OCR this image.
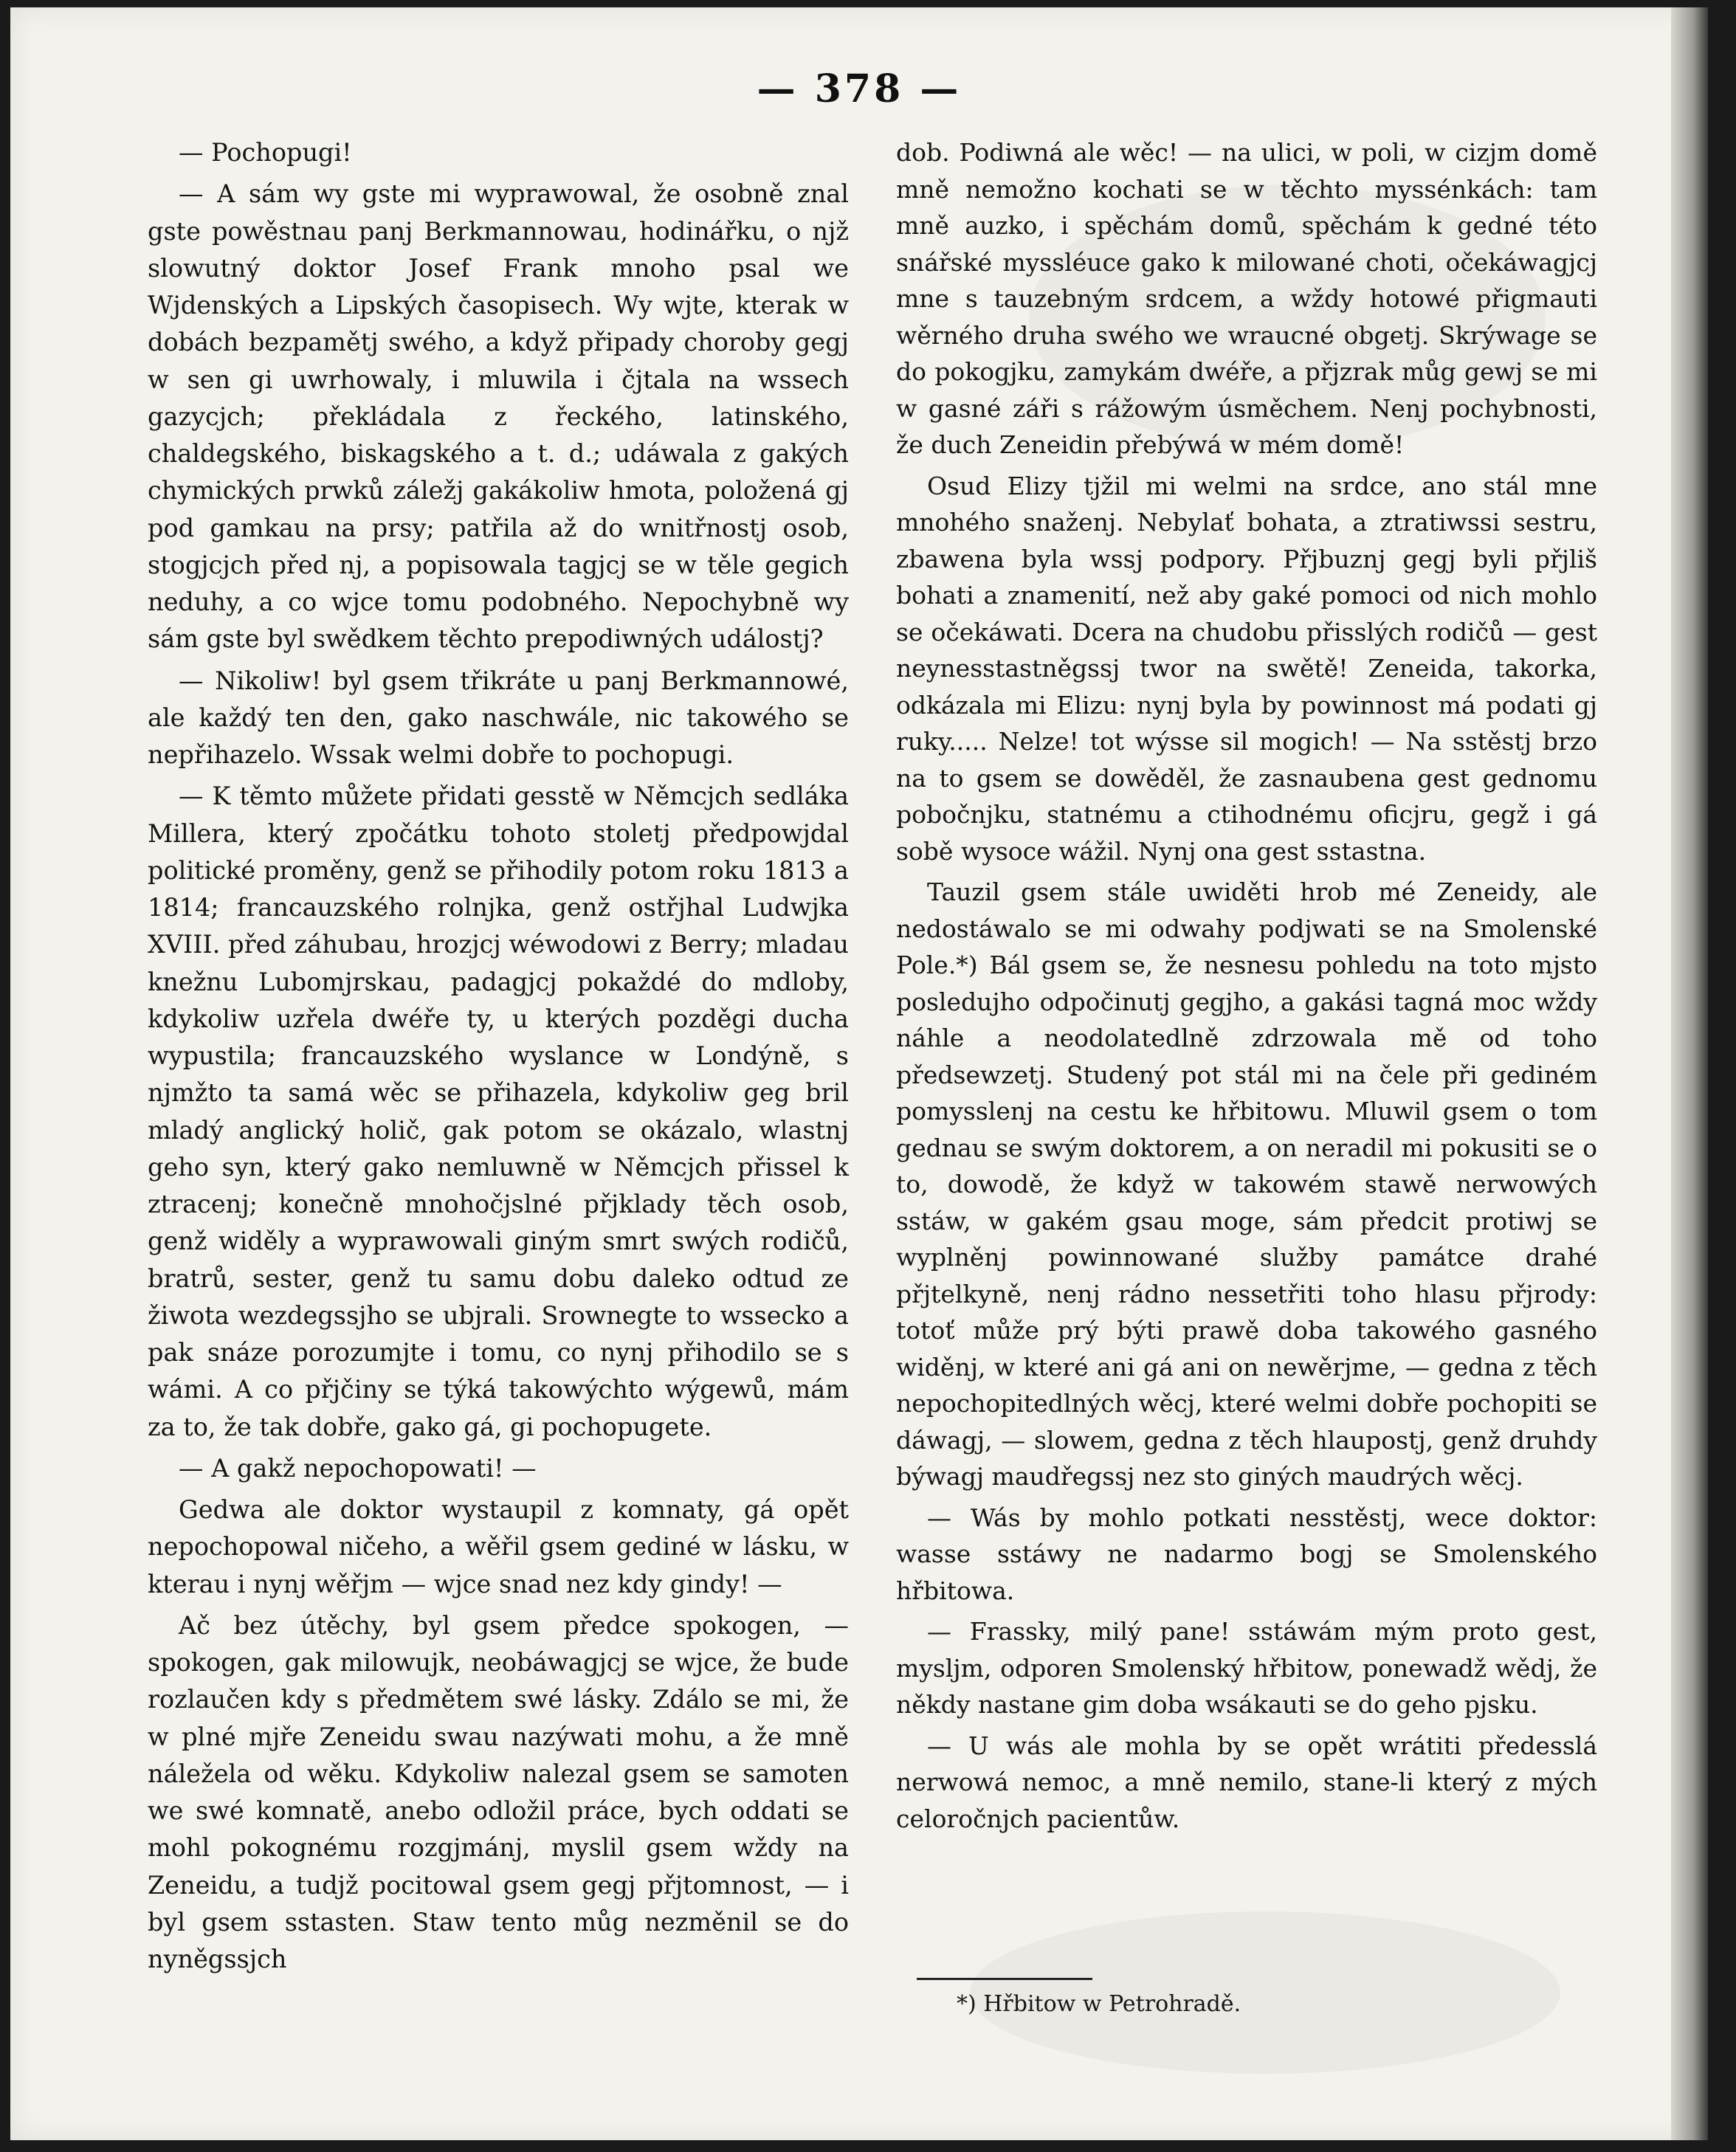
— 378 —

— Pochopugi!

— A sám wy gste mi wyprawowal, že osobně znal gste powěstnau panj Berkmannowau, hodinářku, o njž slowutný doktor Josef Frank mnoho psal we Wjdenských a Lipských časopisech. Wy wjte, kterak w dobách bezpamětj swého, a když připady choroby gegj w sen gi uwrhowaly, i mluwila i čjtala na wssech gazycjch; překládala z řeckého, latinského, chaldegského, biskagského a t. d.; udáwala z gakých chymických prwků záležj gakákoliw hmota, položená gj pod gamkau na prsy; patřila až do wnitřnostj osob, stogjcjch před nj, a popisowala tagjcj se w těle gegich neduhy, a co wjce tomu podobného. Nepochybně wy sám gste byl swědkem těchto prepodiwných událostj?

— Nikoliw! byl gsem třikráte u panj Berkmannowé, ale každý ten den, gako naschwále, nic takowého se nepřihazelo. Wssak welmi dobře to pochopugi.

— K těmto můžete přidati gesstě w Němcjch sedláka Millera, který zpočátku tohoto stoletj předpowjdal politické proměny, genž se přihodily potom roku 1813 a 1814; francauzského rolnjka, genž ostřjhal Ludwjka XVIII. před záhubau, hrozjcj wéwodowi z Berry; mladau knežnu Lubomjrskau, padagjcj pokaždé do mdloby, kdykoliw uzřela dwéře ty, u kterých pozděgi ducha wypustila; francauzského wyslance w Londýně, s njmžto ta samá wěc se přihazela, kdykoliw geg bril mladý anglický holič, gak potom se okázalo, wlastnj geho syn, který gako nemluwně w Němcjch přissel k ztracenj; konečně mnohočjslné přjklady těch osob, genž widěly a wyprawowali giným smrt swých rodičů, bratrů, sester, genž tu samu dobu daleko odtud ze žiwota wezdegssjho se ubjrali. Srownegte to wssecko a pak snáze porozumjte i tomu, co nynj přihodilo se s wámi. A co přjčiny se týká takowýchto wýgewů, mám za to, že tak dobře, gako gá, gi pochopugete.

— A gakž nepochopowati! —

Gedwa ale doktor wystaupil z komnaty, gá opět nepochopowal ničeho, a wěřil gsem gediné w lásku, w kterau i nynj wěřjm — wjce snad nez kdy gindy! —

Ač bez útěchy, byl gsem předce spokogen, — spokogen, gak milowujk, neobáwagjcj se wjce, že bude rozlaučen kdy s předmětem swé lásky. Zdálo se mi, že w plné mjře Zeneidu swau nazýwati mohu, a že mně náležela od wěku. Kdykoliw nalezal gsem se samoten we swé komnatě, anebo odložil práce, bych oddati se mohl pokognému rozgjmánj, myslil gsem wždy na Zeneidu, a tudjž pocitowal gsem gegj přjtomnost, — i byl gsem sstasten. Staw tento můg nezměnil se do nyněgssjch

dob. Podiwná ale wěc! — na ulici, w poli, w cizjm domě mně nemožno kochati se w těchto myssénkách: tam mně auzko, i spěchám domů, spěchám k gedné této snářské myssléuce gako k milowané choti, očekáwagjcj mne s tauzebným srdcem, a wždy hotowé přigmauti wěrného druha swého we wraucné obgetj. Skrýwage se do pokogjku, zamykám dwéře, a přjzrak můg gewj se mi w gasné záři s rážowým úsměchem. Nenj pochybnosti, že duch Zeneidin přebýwá w mém domě!

Osud Elizy tjžil mi welmi na srdce, ano stál mne mnohého snaženj. Nebylať bohata, a ztratiwssi sestru, zbawena byla wssj podpory. Přjbuznj gegj byli přjliš bohati a znamenití, než aby gaké pomoci od nich mohlo se očekáwati. Dcera na chudobu přisslých rodičů — gest neynesstastněgssj twor na swětě! Zeneida, takorka, odkázala mi Elizu: nynj byla by powinnost má podati gj ruky..... Nelze! tot wýsse sil mogich! — Na sstěstj brzo na to gsem se dowěděl, že zasnaubena gest gednomu pobočnjku, statnému a ctihodnému oficjru, gegž i gá sobě wysoce wážil. Nynj ona gest sstastna.

Tauzil gsem stále uwiděti hrob mé Zeneidy, ale nedostáwalo se mi odwahy podjwati se na Smolenské Pole.*) Bál gsem se, že nesnesu pohledu na toto mjsto posledujho odpočinutj gegjho, a gakási tagná moc wždy náhle a neodolatedlně zdrzowala mě od toho předsewzetj. Studený pot stál mi na čele při gediném pomysslenj na cestu ke hřbitowu. Mluwil gsem o tom gednau se swým doktorem, a on neradil mi pokusiti se o to, dowodě, že když w takowém stawě nerwowých sstáw, w gakém gsau moge, sám předcit protiwj se wyplněnj powinnowané služby památce drahé přjtelkyně, nenj rádno nessetřiti toho hlasu přjrody: totoť může prý býti prawě doba takowého gasného widěnj, w které ani gá ani on newěrjme, — gedna z těch nepochopitedlných wěcj, které welmi dobře pochopiti se dáwagj, — slowem, gedna z těch hlaupostj, genž druhdy býwagj maudřegssj nez sto giných maudrých wěcj.

— Wás by mohlo potkati nesstěstj, wece doktor: wasse sstáwy ne nadarmo bogj se Smolenského hřbitowa.

— Frassky, milý pane! sstáwám mým proto gest, myslјm, odporen Smolenský hřbitow, ponewadž wědj, že někdy nastane gim doba wsákauti se do geho pjsku.

— U wás ale mohla by se opět wrátiti předesslá nerwowá nemoc, a mně nemilo, stane-li který z mých celoročnjch pacientůw.

*) Hřbitow w Petrohradě.
